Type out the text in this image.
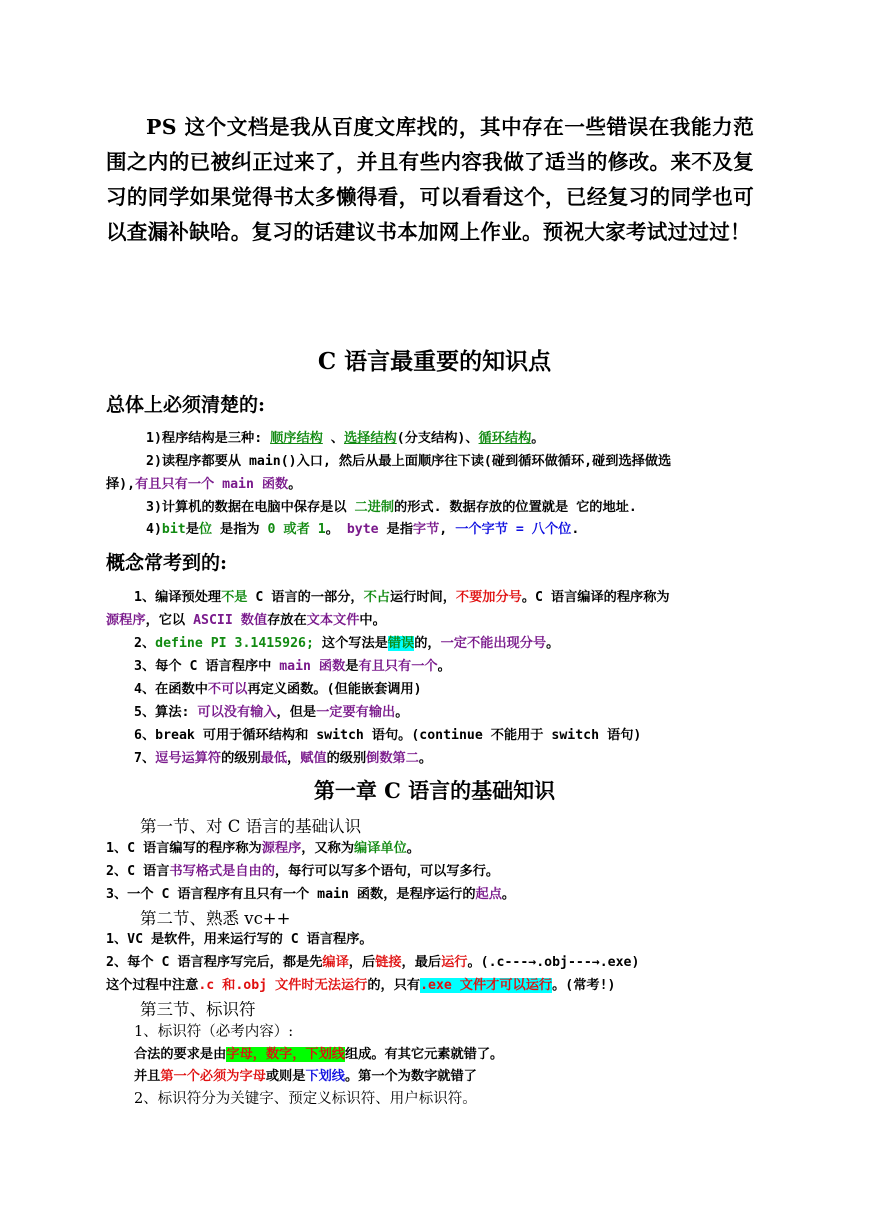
PS 这个文档是我从百度文库找的，其中存在一些错误在我能力范围之内的已被纠正过来了，并且有些内容我做了适当的修改。来不及复习的同学如果觉得书太多懒得看，可以看看这个，已经复习的同学也可以查漏补缺哈。复习的话建议书本加网上作业。预祝大家考试过过过！

C 语言最重要的知识点
总体上必须清楚的:
1)程序结构是三种: 顺序结构 、选择结构(分支结构)、循环结构。
2)读程序都要从 main()入口, 然后从最上面顺序往下读(碰到循环做循环,碰到选择做选
择),有且只有一个 main 函数。
3)计算机的数据在电脑中保存是以 二进制的形式. 数据存放的位置就是 它的地址.
4)bit是位 是指为 0 或者 1。 byte 是指字节, 一个字节 = 八个位.
概念常考到的:
1、编译预处理不是 C 语言的一部分，不占运行时间，不要加分号。C 语言编译的程序称为
源程序，它以 ASCII 数值存放在文本文件中。
2、define PI 3.1415926; 这个写法是错误的，一定不能出现分号。
3、每个 C 语言程序中 main 函数是有且只有一个。
4、在函数中不可以再定义函数。(但能嵌套调用)
5、算法: 可以没有输入，但是一定要有输出。
6、break 可用于循环结构和 switch 语句。(continue 不能用于 switch 语句)
7、逗号运算符的级别最低，赋值的级别倒数第二。
第一章 C 语言的基础知识
第一节、对 C 语言的基础认识
1、C 语言编写的程序称为源程序，又称为编译单位。
2、C 语言书写格式是自由的，每行可以写多个语句，可以写多行。
3、一个 C 语言程序有且只有一个 main 函数，是程序运行的起点。
第二节、熟悉 vc++
1、VC 是软件，用来运行写的 C 语言程序。
2、每个 C 语言程序写完后，都是先编译，后链接，最后运行。(.c---→.obj---→.exe)
这个过程中注意.c 和.obj 文件时无法运行的，只有.exe 文件才可以运行。(常考!)
第三节、标识符
1、标识符（必考内容）:
合法的要求是由字母，数字，下划线组成。有其它元素就错了。
并且第一个必须为字母或则是下划线。第一个为数字就错了
2、标识符分为关键字、预定义标识符、用户标识符。
